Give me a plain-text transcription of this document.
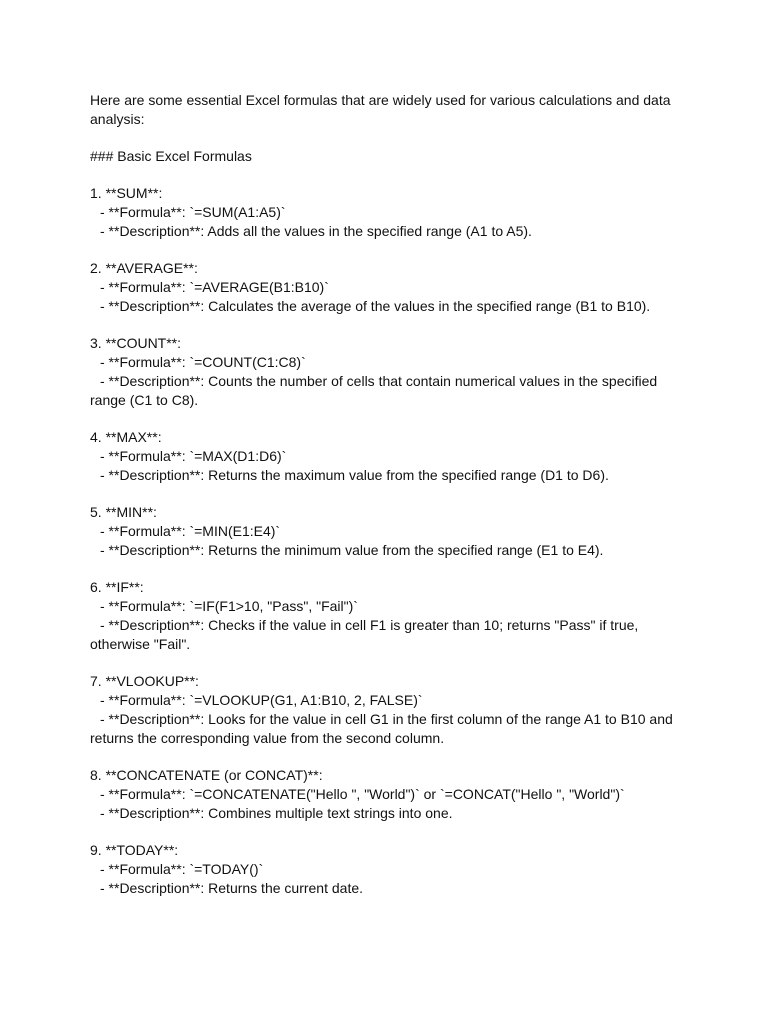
Here are some essential Excel formulas that are widely used for various calculations and data analysis:

### Basic Excel Formulas

1. **SUM**:
- **Formula**: `=SUM(A1:A5)`
- **Description**: Adds all the values in the specified range (A1 to A5).
2. **AVERAGE**:
- **Formula**: `=AVERAGE(B1:B10)`
- **Description**: Calculates the average of the values in the specified range (B1 to B10).
3. **COUNT**:
- **Formula**: `=COUNT(C1:C8)`
- **Description**: Counts the number of cells that contain numerical values in the specified
range (C1 to C8).
4. **MAX**:
- **Formula**: `=MAX(D1:D6)`
- **Description**: Returns the maximum value from the specified range (D1 to D6).
5. **MIN**:
- **Formula**: `=MIN(E1:E4)`
- **Description**: Returns the minimum value from the specified range (E1 to E4).
6. **IF**:
- **Formula**: `=IF(F1>10, "Pass", "Fail")`
- **Description**: Checks if the value in cell F1 is greater than 10; returns "Pass" if true,
otherwise "Fail".
7. **VLOOKUP**:
- **Formula**: `=VLOOKUP(G1, A1:B10, 2, FALSE)`
- **Description**: Looks for the value in cell G1 in the first column of the range A1 to B10 and
returns the corresponding value from the second column.
8. **CONCATENATE (or CONCAT)**:
- **Formula**: `=CONCATENATE("Hello ", "World")` or `=CONCAT("Hello ", "World")`
- **Description**: Combines multiple text strings into one.
9. **TODAY**:
- **Formula**: `=TODAY()`
- **Description**: Returns the current date.
